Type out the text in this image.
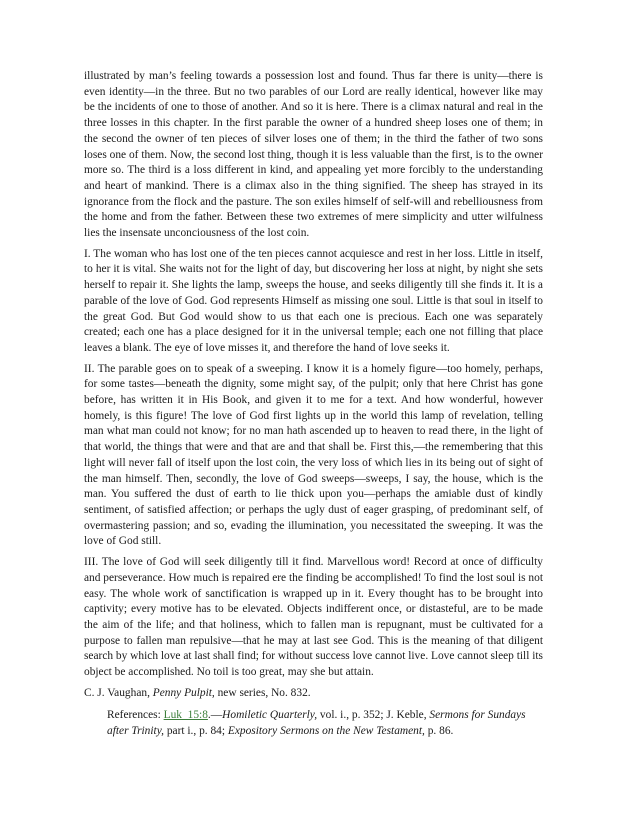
illustrated by man’s feeling towards a possession lost and found. Thus far there is unity—there is even identity—in the three. But no two parables of our Lord are really identical, however like may be the incidents of one to those of another. And so it is here. There is a climax natural and real in the three losses in this chapter. In the first parable the owner of a hundred sheep loses one of them; in the second the owner of ten pieces of silver loses one of them; in the third the father of two sons loses one of them. Now, the second lost thing, though it is less valuable than the first, is to the owner more so. The third is a loss different in kind, and appealing yet more forcibly to the understanding and heart of mankind. There is a climax also in the thing signified. The sheep has strayed in its ignorance from the flock and the pasture. The son exiles himself of self-will and rebelliousness from the home and from the father. Between these two extremes of mere simplicity and utter wilfulness lies the insensate unconciousness of the lost coin.

I. The woman who has lost one of the ten pieces cannot acquiesce and rest in her loss. Little in itself, to her it is vital. She waits not for the light of day, but discovering her loss at night, by night she sets herself to repair it. She lights the lamp, sweeps the house, and seeks diligently till she finds it. It is a parable of the love of God. God represents Himself as missing one soul. Little is that soul in itself to the great God. But God would show to us that each one is precious. Each one was separately created; each one has a place designed for it in the universal temple; each one not filling that place leaves a blank. The eye of love misses it, and therefore the hand of love seeks it.

II. The parable goes on to speak of a sweeping. I know it is a homely figure—too homely, perhaps, for some tastes—beneath the dignity, some might say, of the pulpit; only that here Christ has gone before, has written it in His Book, and given it to me for a text. And how wonderful, however homely, is this figure! The love of God first lights up in the world this lamp of revelation, telling man what man could not know; for no man hath ascended up to heaven to read there, in the light of that world, the things that were and that are and that shall be. First this,—the remembering that this light will never fall of itself upon the lost coin, the very loss of which lies in its being out of sight of the man himself. Then, secondly, the love of God sweeps—sweeps, I say, the house, which is the man. You suffered the dust of earth to lie thick upon you—perhaps the amiable dust of kindly sentiment, of satisfied affection; or perhaps the ugly dust of eager grasping, of predominant self, of overmastering passion; and so, evading the illumination, you necessitated the sweeping. It was the love of God still.

III. The love of God will seek diligently till it find. Marvellous word! Record at once of difficulty and perseverance. How much is repaired ere the finding be accomplished! To find the lost soul is not easy. The whole work of sanctification is wrapped up in it. Every thought has to be brought into captivity; every motive has to be elevated. Objects indifferent once, or distasteful, are to be made the aim of the life; and that holiness, which to fallen man is repugnant, must be cultivated for a purpose to fallen man repulsive—that he may at last see God. This is the meaning of that diligent search by which love at last shall find; for without success love cannot live. Love cannot sleep till its object be accomplished. No toil is too great, may she but attain.

C. J. Vaughan, Penny Pulpit, new series, No. 832.

References: Luk_15:8.—Homiletic Quarterly, vol. i., p. 352; J. Keble, Sermons for Sundays after Trinity, part i., p. 84; Expository Sermons on the New Testament, p. 86.
